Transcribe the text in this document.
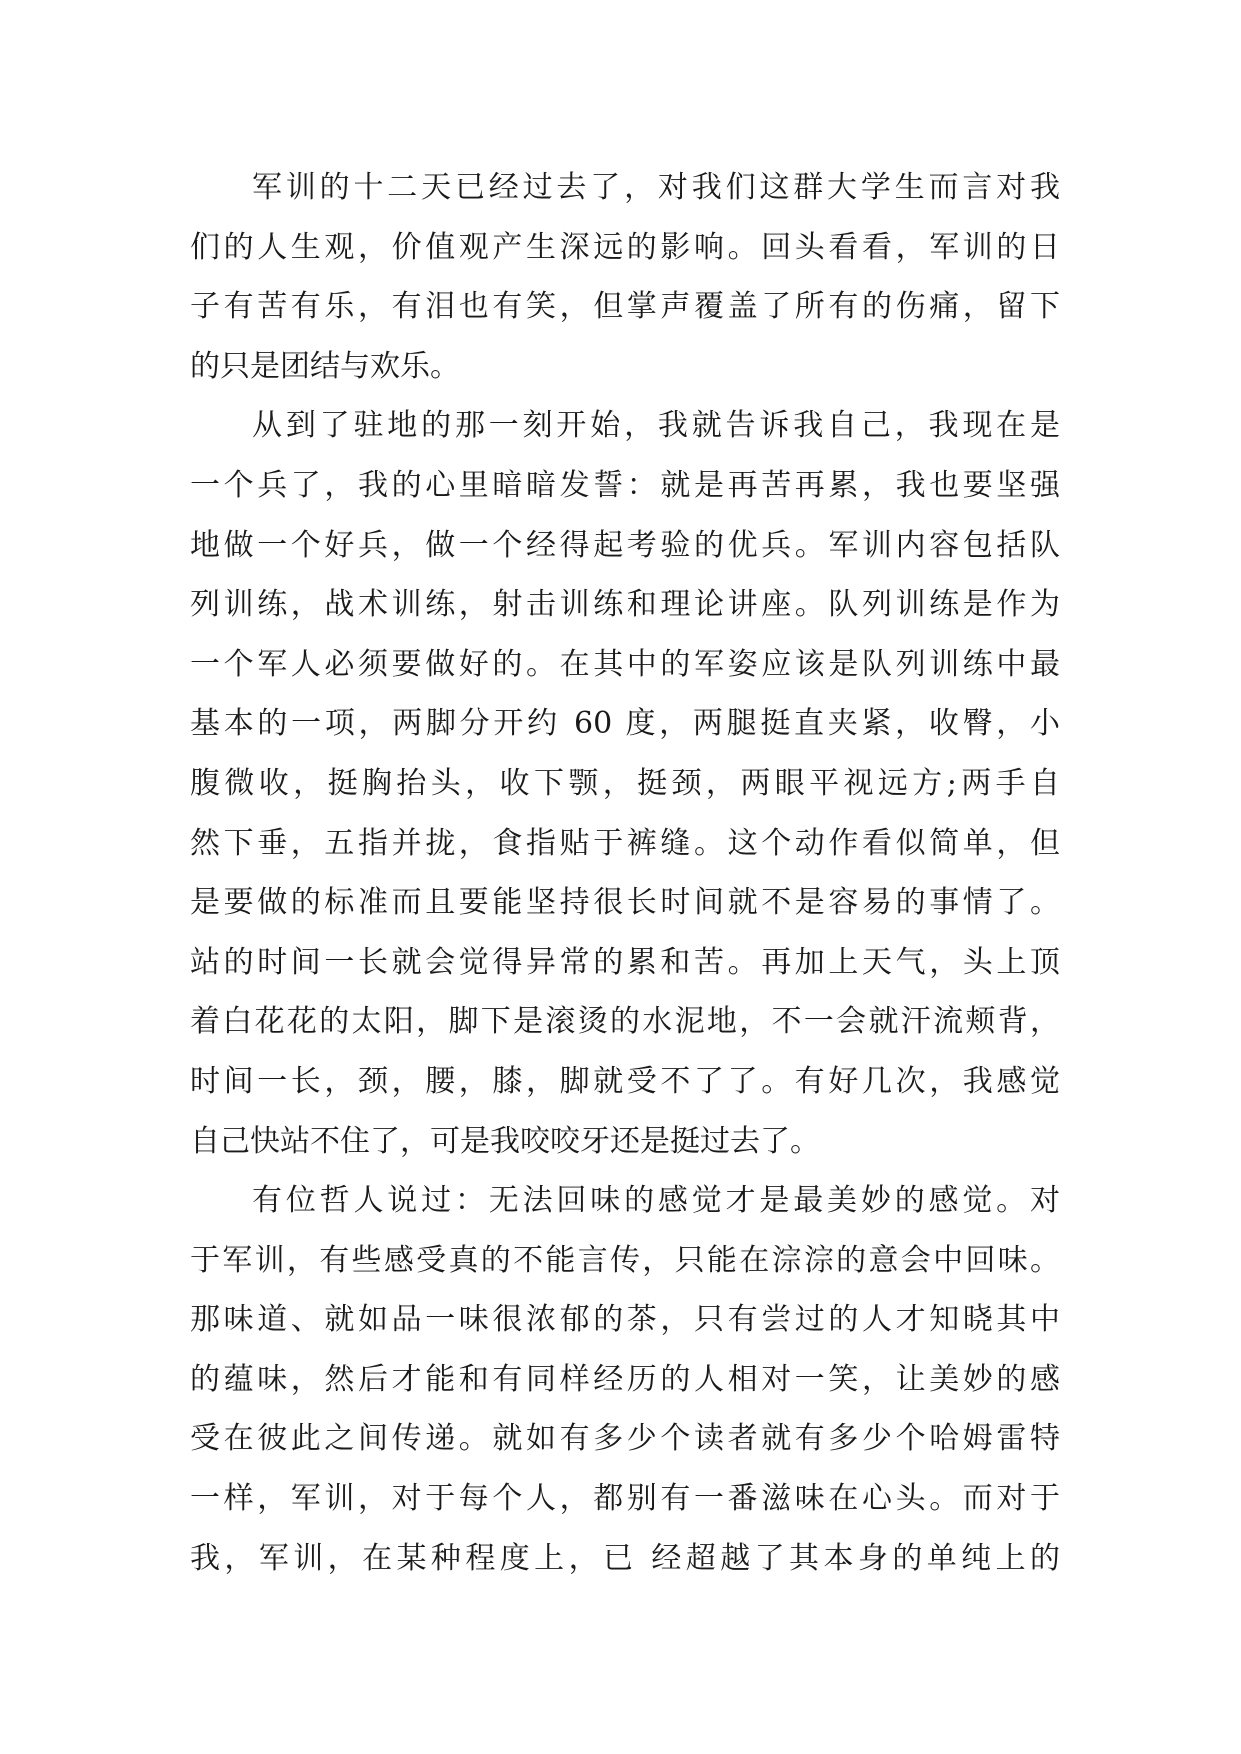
军训的十二天已经过去了，对我们这群大学生而言对我
们的人生观，价值观产生深远的影响。回头看看，军训的日
子有苦有乐，有泪也有笑，但掌声覆盖了所有的伤痛，留下
的只是团结与欢乐。
从到了驻地的那一刻开始，我就告诉我自己，我现在是
一个兵了，我的心里暗暗发誓：就是再苦再累，我也要坚强
地做一个好兵，做一个经得起考验的优兵。军训内容包括队
列训练，战术训练，射击训练和理论讲座。队列训练是作为
一个军人必须要做好的。在其中的军姿应该是队列训练中最
基本的一项，两脚分开约 60 度，两腿挺直夹紧，收臀，小
腹微收，挺胸抬头，收下颚，挺颈，两眼平视远方;两手自
然下垂，五指并拢，食指贴于裤缝。这个动作看似简单，但
是要做的标准而且要能坚持很长时间就不是容易的事情了。
站的时间一长就会觉得异常的累和苦。再加上天气，头上顶
着白花花的太阳，脚下是滚烫的水泥地，不一会就汗流颊背，
时间一长，颈，腰，膝，脚就受不了了。有好几次，我感觉
自己快站不住了，可是我咬咬牙还是挺过去了。
有位哲人说过：无法回味的感觉才是最美妙的感觉。对
于军训，有些感受真的不能言传，只能在淙淙的意会中回味。
那味道、就如品一味很浓郁的茶，只有尝过的人才知晓其中
的蕴味，然后才能和有同样经历的人相对一笑，让美妙的感
受在彼此之间传递。就如有多少个读者就有多少个哈姆雷特
一样，军训，对于每个人，都别有一番滋味在心头。而对于
我，军训，在某种程度上，已 经超越了其本身的单纯上的
